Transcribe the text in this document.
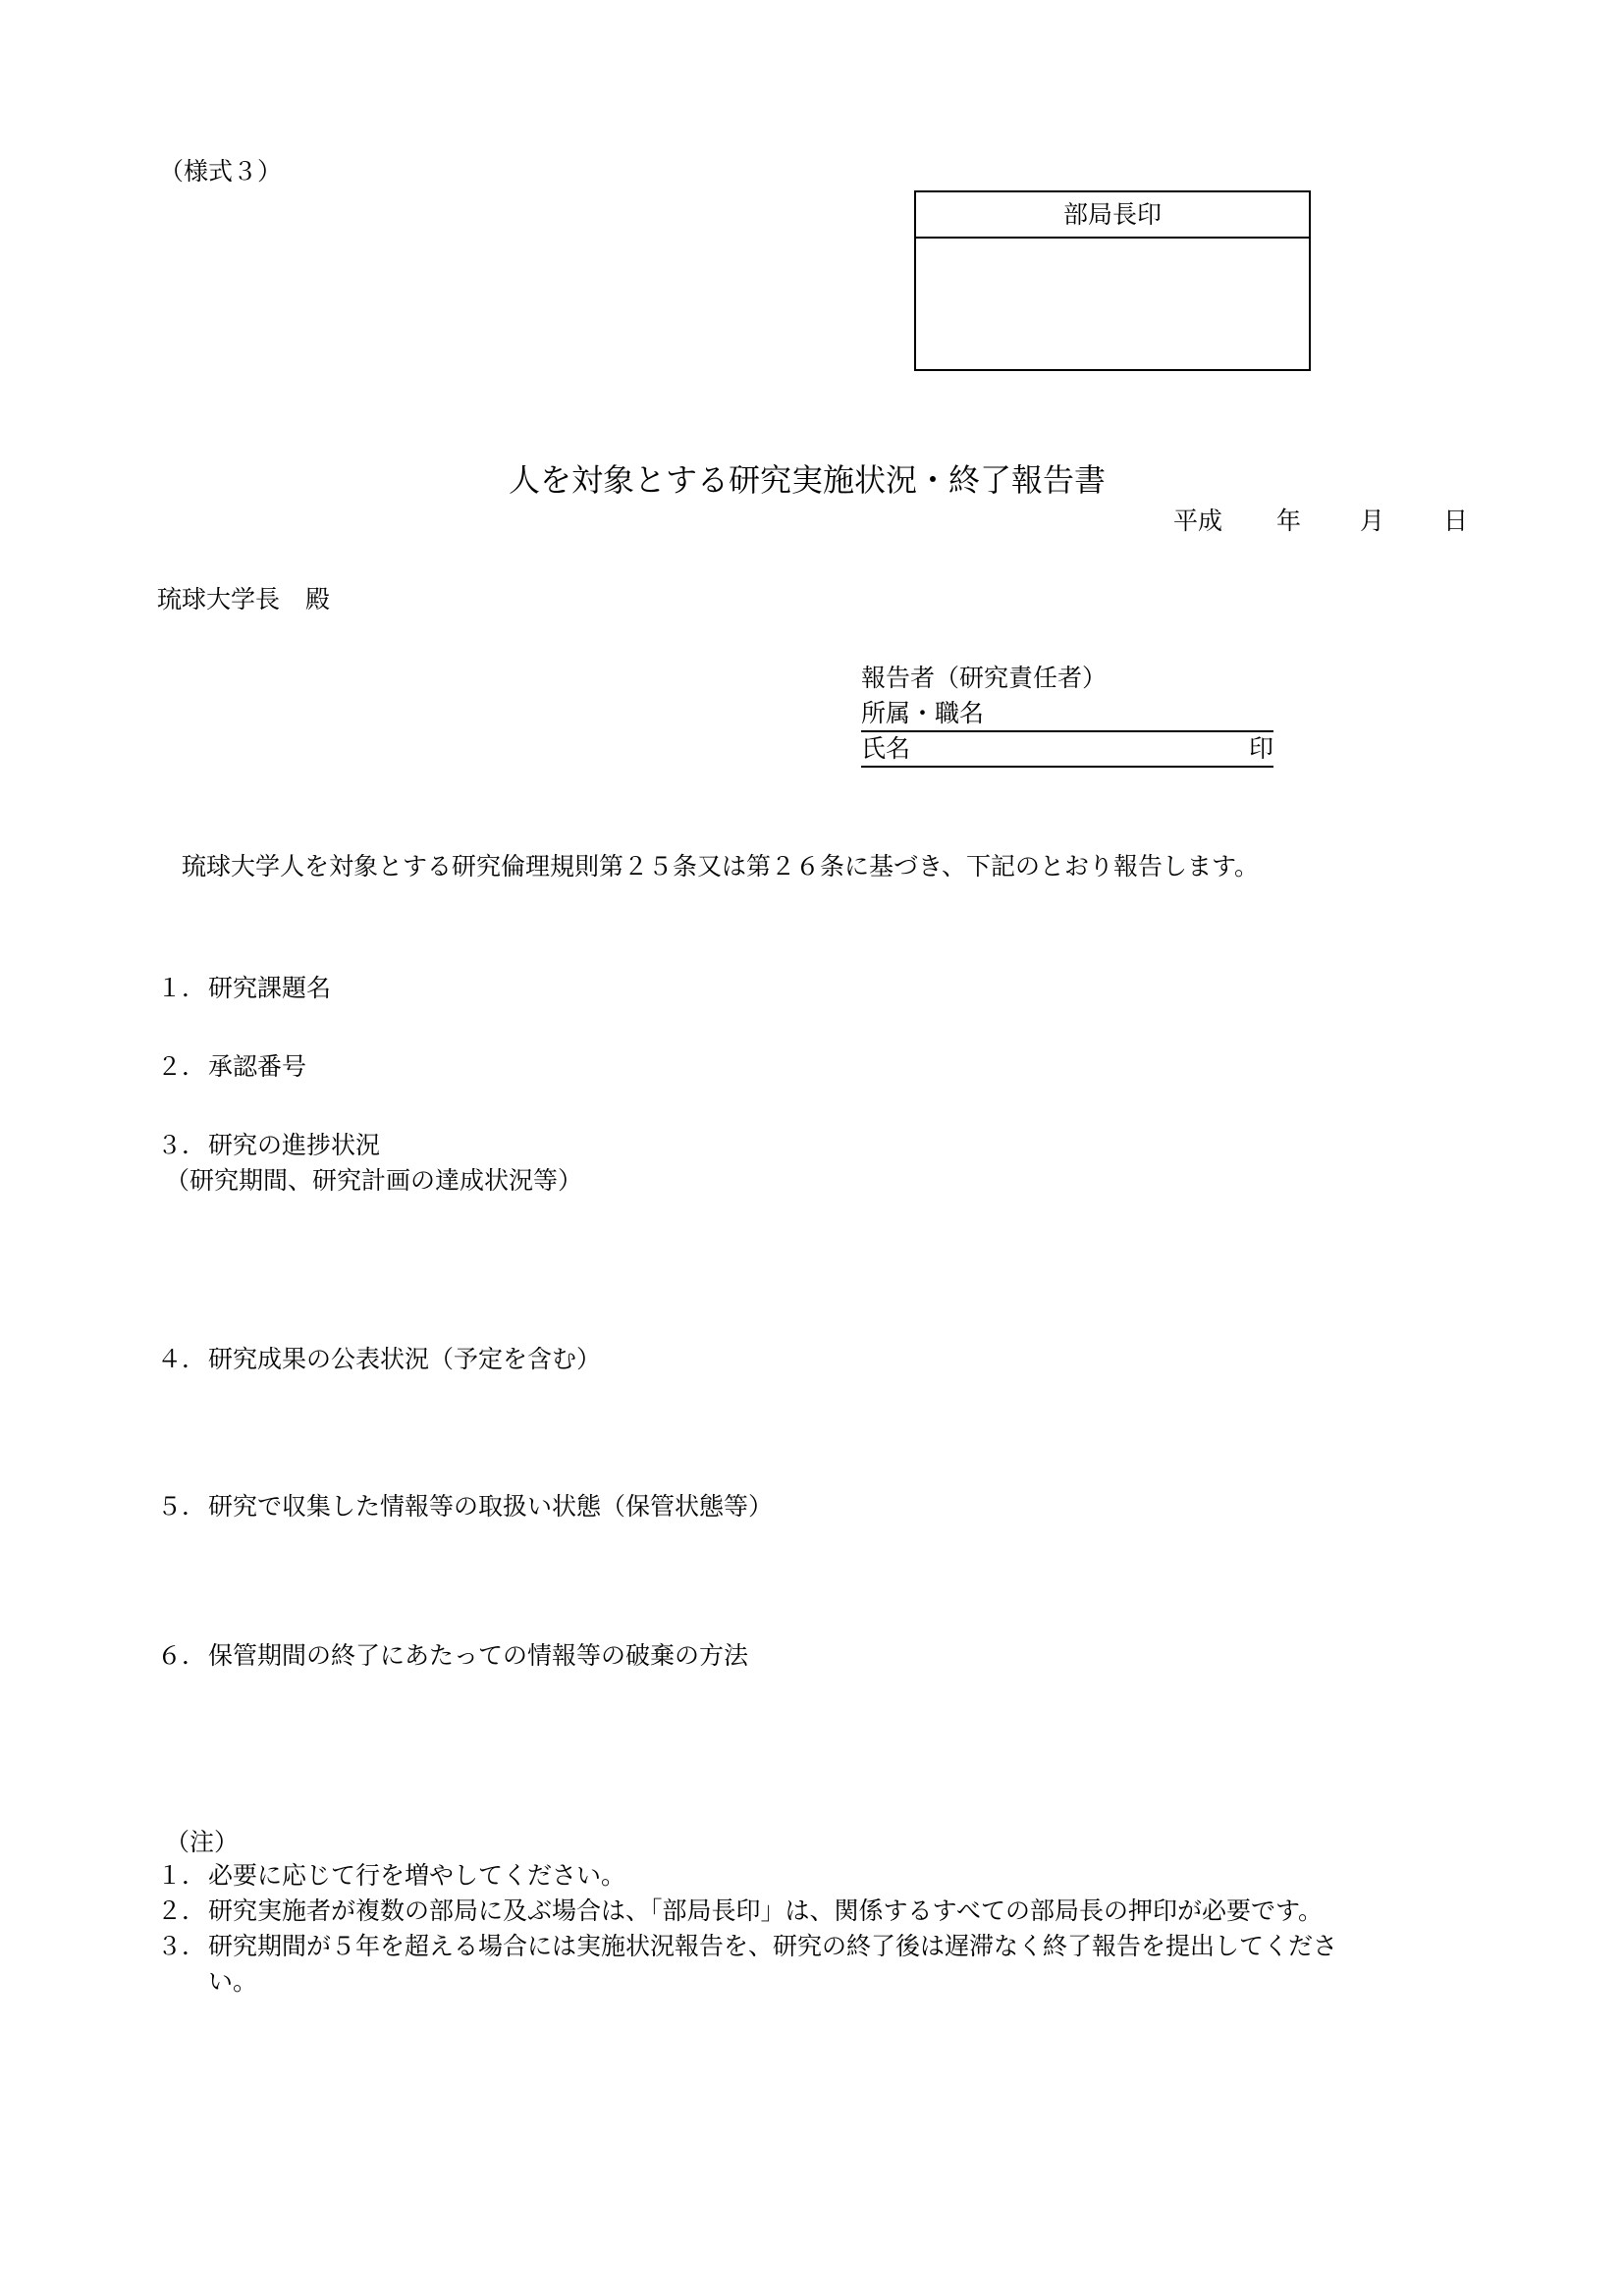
（様式３）
部局長印
人を対象とする研究実施状況・終了報告書
平成 年 月 日
琉球大学長 殿
報告者（研究責任者）
所属・職名
氏名	印
琉球大学人を対象とする研究倫理規則第２５条又は第２６条に基づき、下記のとおり報告します。
１．研究課題名
２．承認番号
３．研究の進捗状況
（研究期間、研究計画の達成状況等）
４．研究成果の公表状況（予定を含む）
５．研究で収集した情報等の取扱い状態（保管状態等）
６．保管期間の終了にあたっての情報等の破棄の方法
（注）
１．必要に応じて行を増やしてください。
２．研究実施者が複数の部局に及ぶ場合は、「部局長印」は、関係するすべての部局長の押印が必要です。
３．研究期間が５年を超える場合には実施状況報告を、研究の終了後は遅滞なく終了報告を提出してくださ
い。
